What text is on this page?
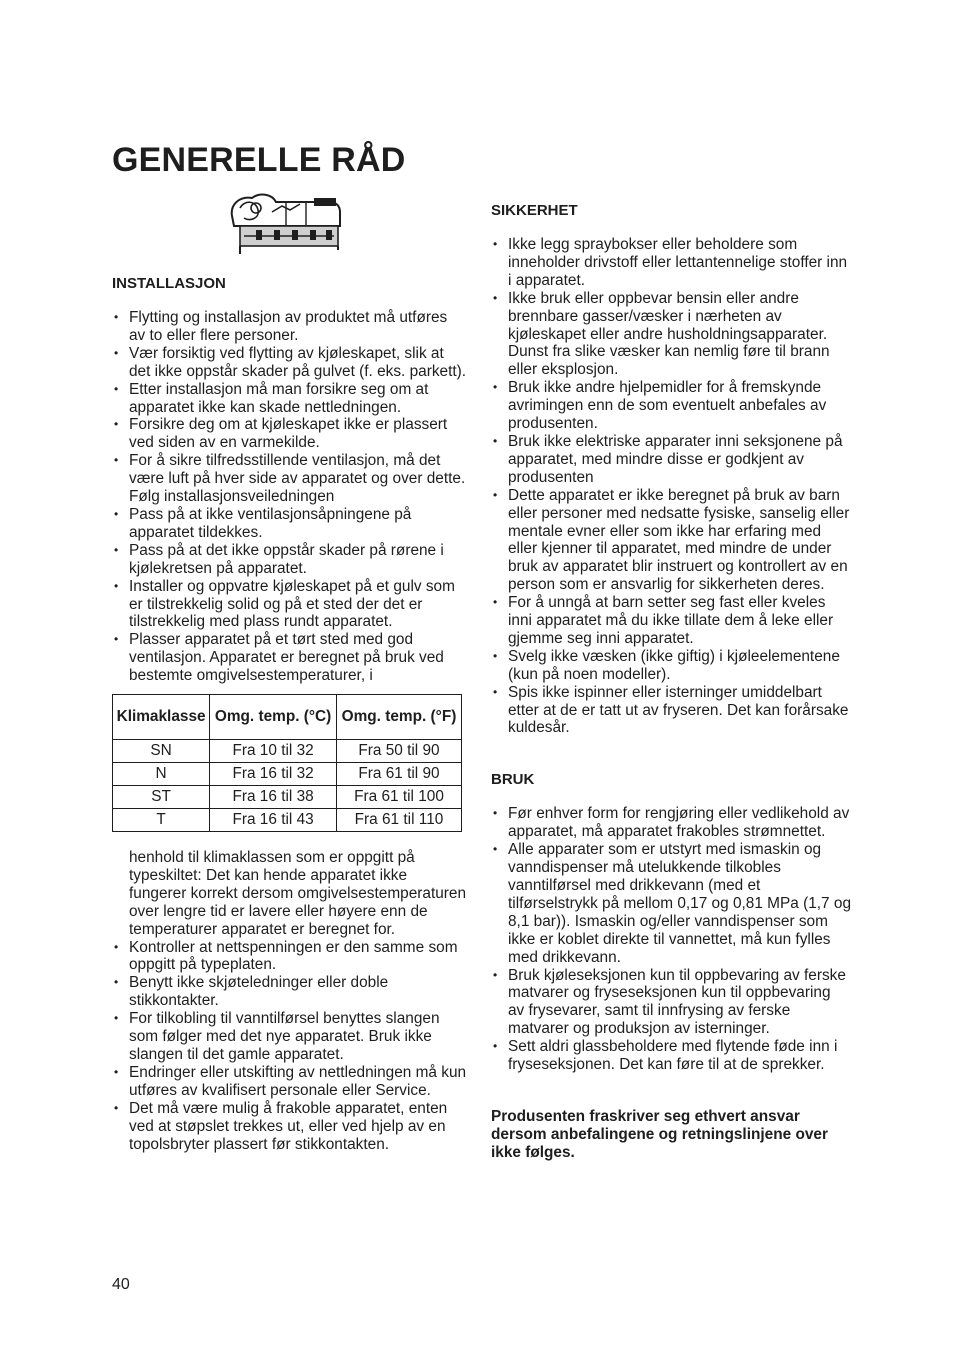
GENERELLE RÅD
INSTALLASJON
• Flytting og installasjon av produktet må utføres av to eller flere personer.
• Vær forsiktig ved flytting av kjøleskapet, slik at det ikke oppstår skader på gulvet (f. eks. parkett).
• Etter installasjon må man forsikre seg om at apparatet ikke kan skade nettledningen.
• Forsikre deg om at kjøleskapet ikke er plassert ved siden av en varmekilde.
• For å sikre tilfredsstillende ventilasjon, må det være luft på hver side av apparatet og over dette. Følg installasjonsveiledningen
• Pass på at ikke ventilasjonsåpningene på apparatet tildekkes.
• Pass på at det ikke oppstår skader på rørene i kjølekretsen på apparatet.
• Installer og oppvatre kjøleskapet på et gulv som er tilstrekkelig solid og på et sted der det er tilstrekkelig med plass rundt apparatet.
• Plasser apparatet på et tørt sted med god ventilasjon. Apparatet er beregnet på bruk ved bestemte omgivelsestemperaturer, i
Klimaklasse	Omg. temp. (°C)	Omg. temp. (°F)
SN	Fra 10 til 32	Fra 50 til 90
N	Fra 16 til 32	Fra 61 til 90
ST	Fra 16 til 38	Fra 61 til 100
T	Fra 16 til 43	Fra 61 til 110
henhold til klimaklassen som er oppgitt på typeskiltet: Det kan hende apparatet ikke fungerer korrekt dersom omgivelsestemperaturen over lengre tid er lavere eller høyere enn de temperaturer apparatet er beregnet for.
• Kontroller at nettspenningen er den samme som oppgitt på typeplaten.
• Benytt ikke skjøteledninger eller doble stikkontakter.
• For tilkobling til vanntilførsel benyttes slangen som følger med det nye apparatet. Bruk ikke slangen til det gamle apparatet.
• Endringer eller utskifting av nettledningen må kun utføres av kvalifisert personale eller Service.
• Det må være mulig å frakoble apparatet, enten ved at støpslet trekkes ut, eller ved hjelp av en topolsbryter plassert før stikkontakten.
SIKKERHET
• Ikke legg spraybokser eller beholdere som inneholder drivstoff eller lettantennelige stoffer inn i apparatet.
• Ikke bruk eller oppbevar bensin eller andre brennbare gasser/væsker i nærheten av kjøleskapet eller andre husholdningsapparater. Dunst fra slike væsker kan nemlig føre til brann eller eksplosjon.
• Bruk ikke andre hjelpemidler for å fremskynde avrimingen enn de som eventuelt anbefales av produsenten.
• Bruk ikke elektriske apparater inni seksjonene på apparatet, med mindre disse er godkjent av produsenten
• Dette apparatet er ikke beregnet på bruk av barn eller personer med nedsatte fysiske, sanselig eller mentale evner eller som ikke har erfaring med eller kjenner til apparatet, med mindre de under bruk av apparatet blir instruert og kontrollert av en person som er ansvarlig for sikkerheten deres.
• For å unngå at barn setter seg fast eller kveles inni apparatet må du ikke tillate dem å leke eller gjemme seg inni apparatet.
• Svelg ikke væsken (ikke giftig) i kjøleelementene (kun på noen modeller).
• Spis ikke ispinner eller isterninger umiddelbart etter at de er tatt ut av fryseren. Det kan forårsake kuldesår.
BRUK
• Før enhver form for rengjøring eller vedlikehold av apparatet, må apparatet frakobles strømnettet.
• Alle apparater som er utstyrt med ismaskin og vanndispenser må utelukkende tilkobles vanntilførsel med drikkevann (med et tilførselstrykk på mellom 0,17 og 0,81 MPa (1,7 og 8,1 bar)). Ismaskin og/eller vanndispenser som ikke er koblet direkte til vannettet, må kun fylles med drikkevann.
• Bruk kjøleseksjonen kun til oppbevaring av ferske matvarer og fryseseksjonen kun til oppbevaring av frysevarer, samt til innfrysing av ferske matvarer og produksjon av isterninger.
• Sett aldri glassbeholdere med flytende føde inn i fryseseksjonen. Det kan føre til at de sprekker.
Produsenten fraskriver seg ethvert ansvar dersom anbefalingene og retningslinjene over ikke følges.
40
